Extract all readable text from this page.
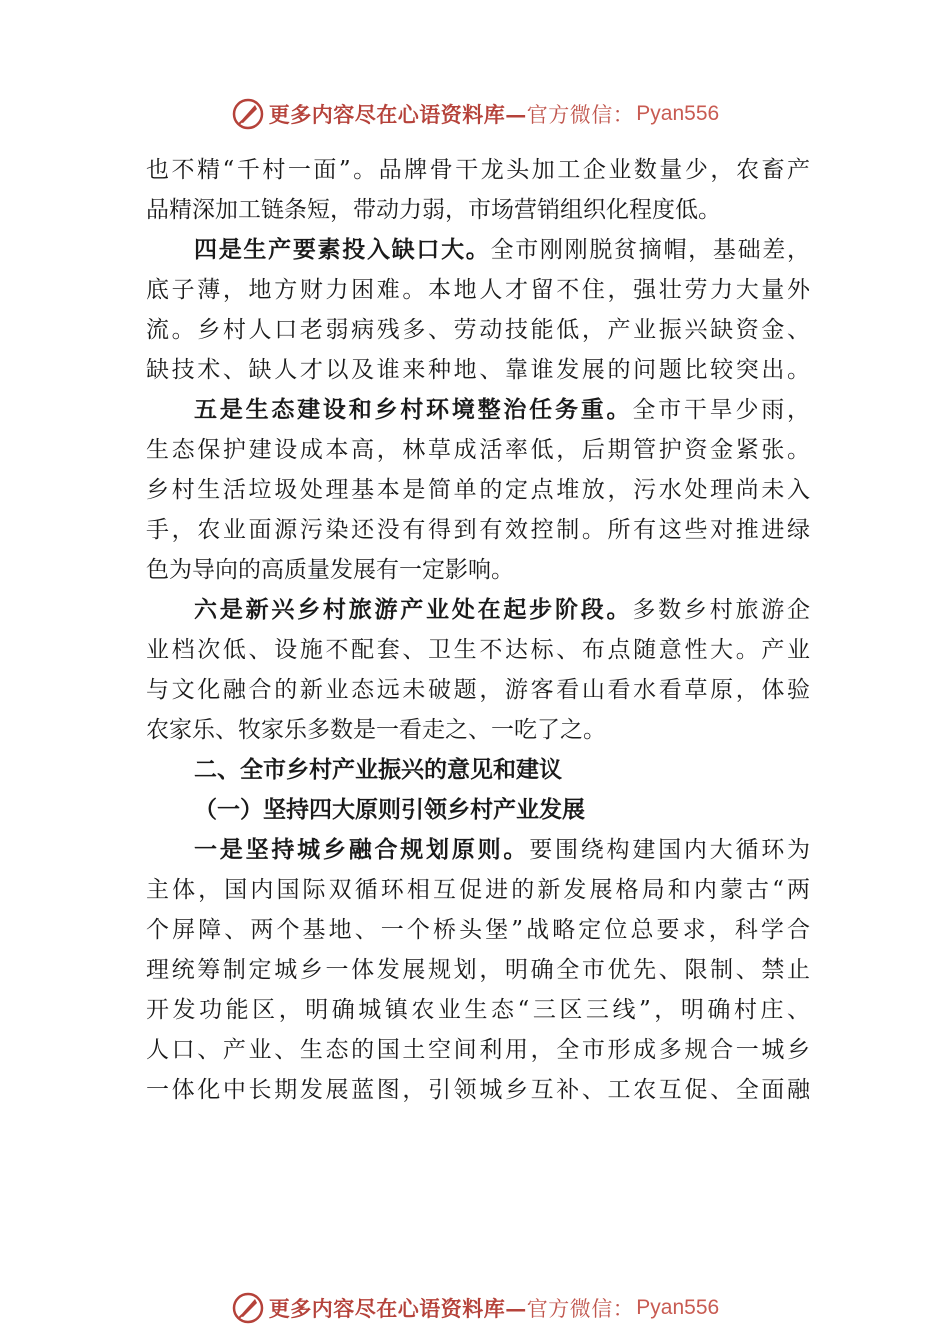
更多内容尽在心语资料库—官方微信： Pyan556
也不精“千村一面”。品牌骨干龙头加工企业数量少，农畜产
品精深加工链条短，带动力弱，市场营销组织化程度低。
四是生产要素投入缺口大。全市刚刚脱贫摘帽，基础差，
底子薄，地方财力困难。本地人才留不住，强壮劳力大量外
流。乡村人口老弱病残多、劳动技能低，产业振兴缺资金、
缺技术、缺人才以及谁来种地、靠谁发展的问题比较突出。
五是生态建设和乡村环境整治任务重。全市干旱少雨，
生态保护建设成本高，林草成活率低，后期管护资金紧张。
乡村生活垃圾处理基本是简单的定点堆放，污水处理尚未入
手，农业面源污染还没有得到有效控制。所有这些对推进绿
色为导向的高质量发展有一定影响。
六是新兴乡村旅游产业处在起步阶段。多数乡村旅游企
业档次低、设施不配套、卫生不达标、布点随意性大。产业
与文化融合的新业态远未破题，游客看山看水看草原，体验
农家乐、牧家乐多数是一看走之、一吃了之。
二、全市乡村产业振兴的意见和建议
（一）坚持四大原则引领乡村产业发展
一是坚持城乡融合规划原则。要围绕构建国内大循环为
主体，国内国际双循环相互促进的新发展格局和内蒙古“两
个屏障、两个基地、一个桥头堡”战略定位总要求，科学合
理统筹制定城乡一体发展规划，明确全市优先、限制、禁止
开发功能区，明确城镇农业生态“三区三线”，明确村庄、
人口、产业、生态的国土空间利用，全市形成多规合一城乡
一体化中长期发展蓝图，引领城乡互补、工农互促、全面融
更多内容尽在心语资料库—官方微信： Pyan556
